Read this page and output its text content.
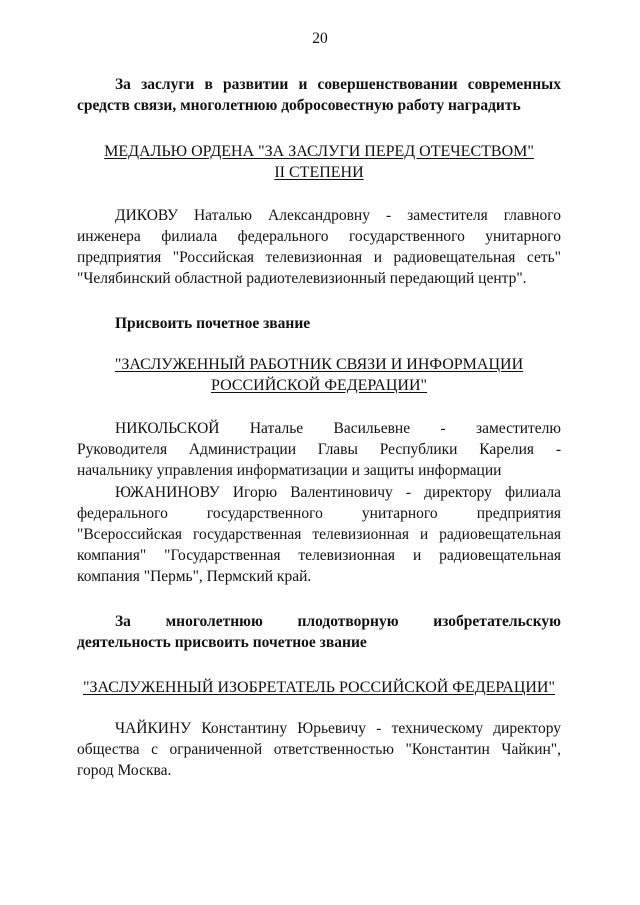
20
За заслуги в развитии и совершенствовании современных
средств связи, многолетнюю добросовестную работу наградить
МЕДАЛЬЮ ОРДЕНА "ЗА ЗАСЛУГИ ПЕРЕД ОТЕЧЕСТВОМ"
II СТЕПЕНИ
ДИКОВУ Наталью Александровну - заместителя главного
инженера филиала федерального государственного унитарного
предприятия "Российская телевизионная и радиовещательная сеть"
"Челябинский областной радиотелевизионный передающий центр".
Присвоить почетное звание
"ЗАСЛУЖЕННЫЙ РАБОТНИК СВЯЗИ И ИНФОРМАЦИИ
РОССИЙСКОЙ ФЕДЕРАЦИИ"
НИКОЛЬСКОЙ Наталье Васильевне - заместителю
Руководителя Администрации Главы Республики Карелия -
начальнику управления информатизации и защиты информации
ЮЖАНИНОВУ Игорю Валентиновичу - директору филиала
федерального государственного унитарного предприятия
"Всероссийская государственная телевизионная и радиовещательная
компания" "Государственная телевизионная и радиовещательная
компания "Пермь", Пермский край.
За многолетнюю плодотворную изобретательскую
деятельность присвоить почетное звание
"ЗАСЛУЖЕННЫЙ ИЗОБРЕТАТЕЛЬ РОССИЙСКОЙ ФЕДЕРАЦИИ"
ЧАЙКИНУ Константину Юрьевичу - техническому директору
общества с ограниченной ответственностью "Константин Чайкин",
город Москва.
